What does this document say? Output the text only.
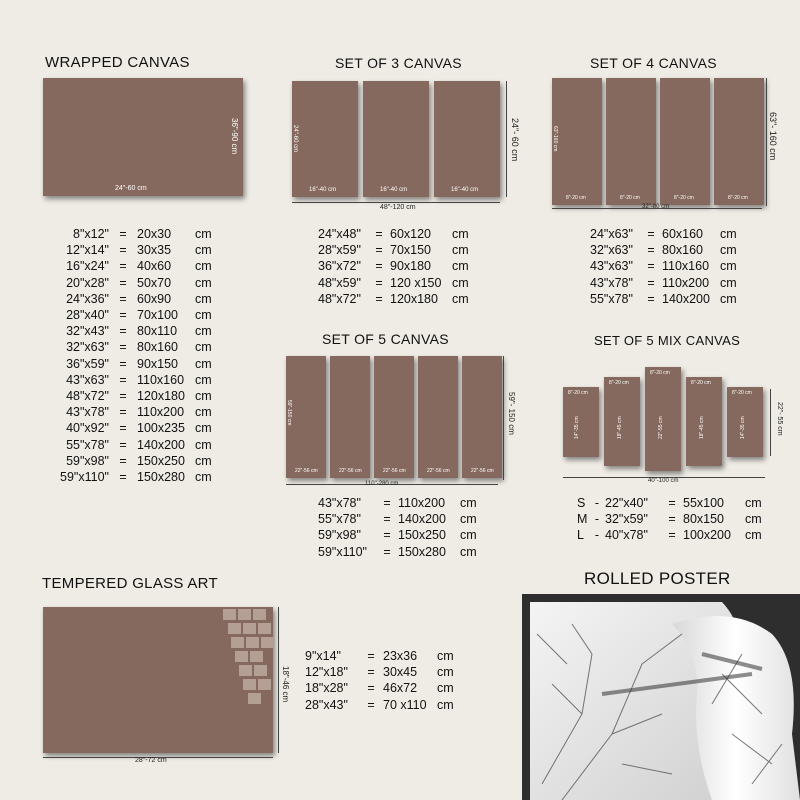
WRAPPED CANVAS
24"-60 cm
36"-90 cm
8"x12" = 20x30	cm
12"x14" = 30x35	cm
16"x24" = 40x60	cm
20"x28" = 50x70	cm
24"x36" = 60x90	cm
28"x40" = 70x100	cm
32"x43" = 80x110	cm
32"x63" = 80x160	cm
36"x59" = 90x150	cm
43"x63" = 110x160 cm
48"x72" = 120x180 cm
43"x78" = 110x200 cm
40"x92" = 100x235 cm
55"x78" = 140x200 cm
59"x98" = 150x250 cm
59"x110" = 150x280 cm
SET OF 3 CANVAS
24"-60 cm
16"-40 cm	16"-40 cm	16"-40 cm
48"-120 cm
24"- 60 cm
24"x48"	= 60x120	cm
28"x59"	= 70x150	cm
36"x72"	= 90x180	cm
48"x59"	= 120 x150 cm
48"x72"	= 120x180	cm
SET OF 4 CANVAS
63"-160 cm
8"-20 cm	8"-20 cm	8"-20 cm	8"-20 cm
32"-80 cm
63"- 160 cm
24"x63"	= 60x160	cm
32"x63"	= 80x160	cm
43"x63"	= 110x160 cm
43"x78"	= 110x200 cm
55"x78"	= 140x200 cm
SET OF 5 CANVAS
22"-56 cm
59"-150 cm
22"-56 cm	22"-56 cm	22"-56 cm	22"-56 cm
110"-280 cm
59"- 150 cm
43"x78"	= 110x200	cm
55"x78"	= 140x200	cm
59"x98"	= 150x250	cm
59"x110"	= 150x280	cm
SET OF 5 MIX CANVAS
8"-20 cm
14"-35 cm
8"-20 cm
18"-45 cm
8"-20 cm
22"-55 cm
8"-20 cm
18"-45 cm
8"-20 cm
14"-35 cm
40"-100 cm
22"- 55 cm
S - 22"x40"	= 55x100	cm
M - 32"x59"	= 80x150	cm
L - 40"x78"	= 100x200	cm
TEMPERED GLASS ART
28"-72 cm
18"-46 cm
9"x14"	= 23x36	cm
12"x18"	= 30x45	cm
18"x28"	= 46x72	cm
28"x43"	= 70 x110 cm
ROLLED POSTER
